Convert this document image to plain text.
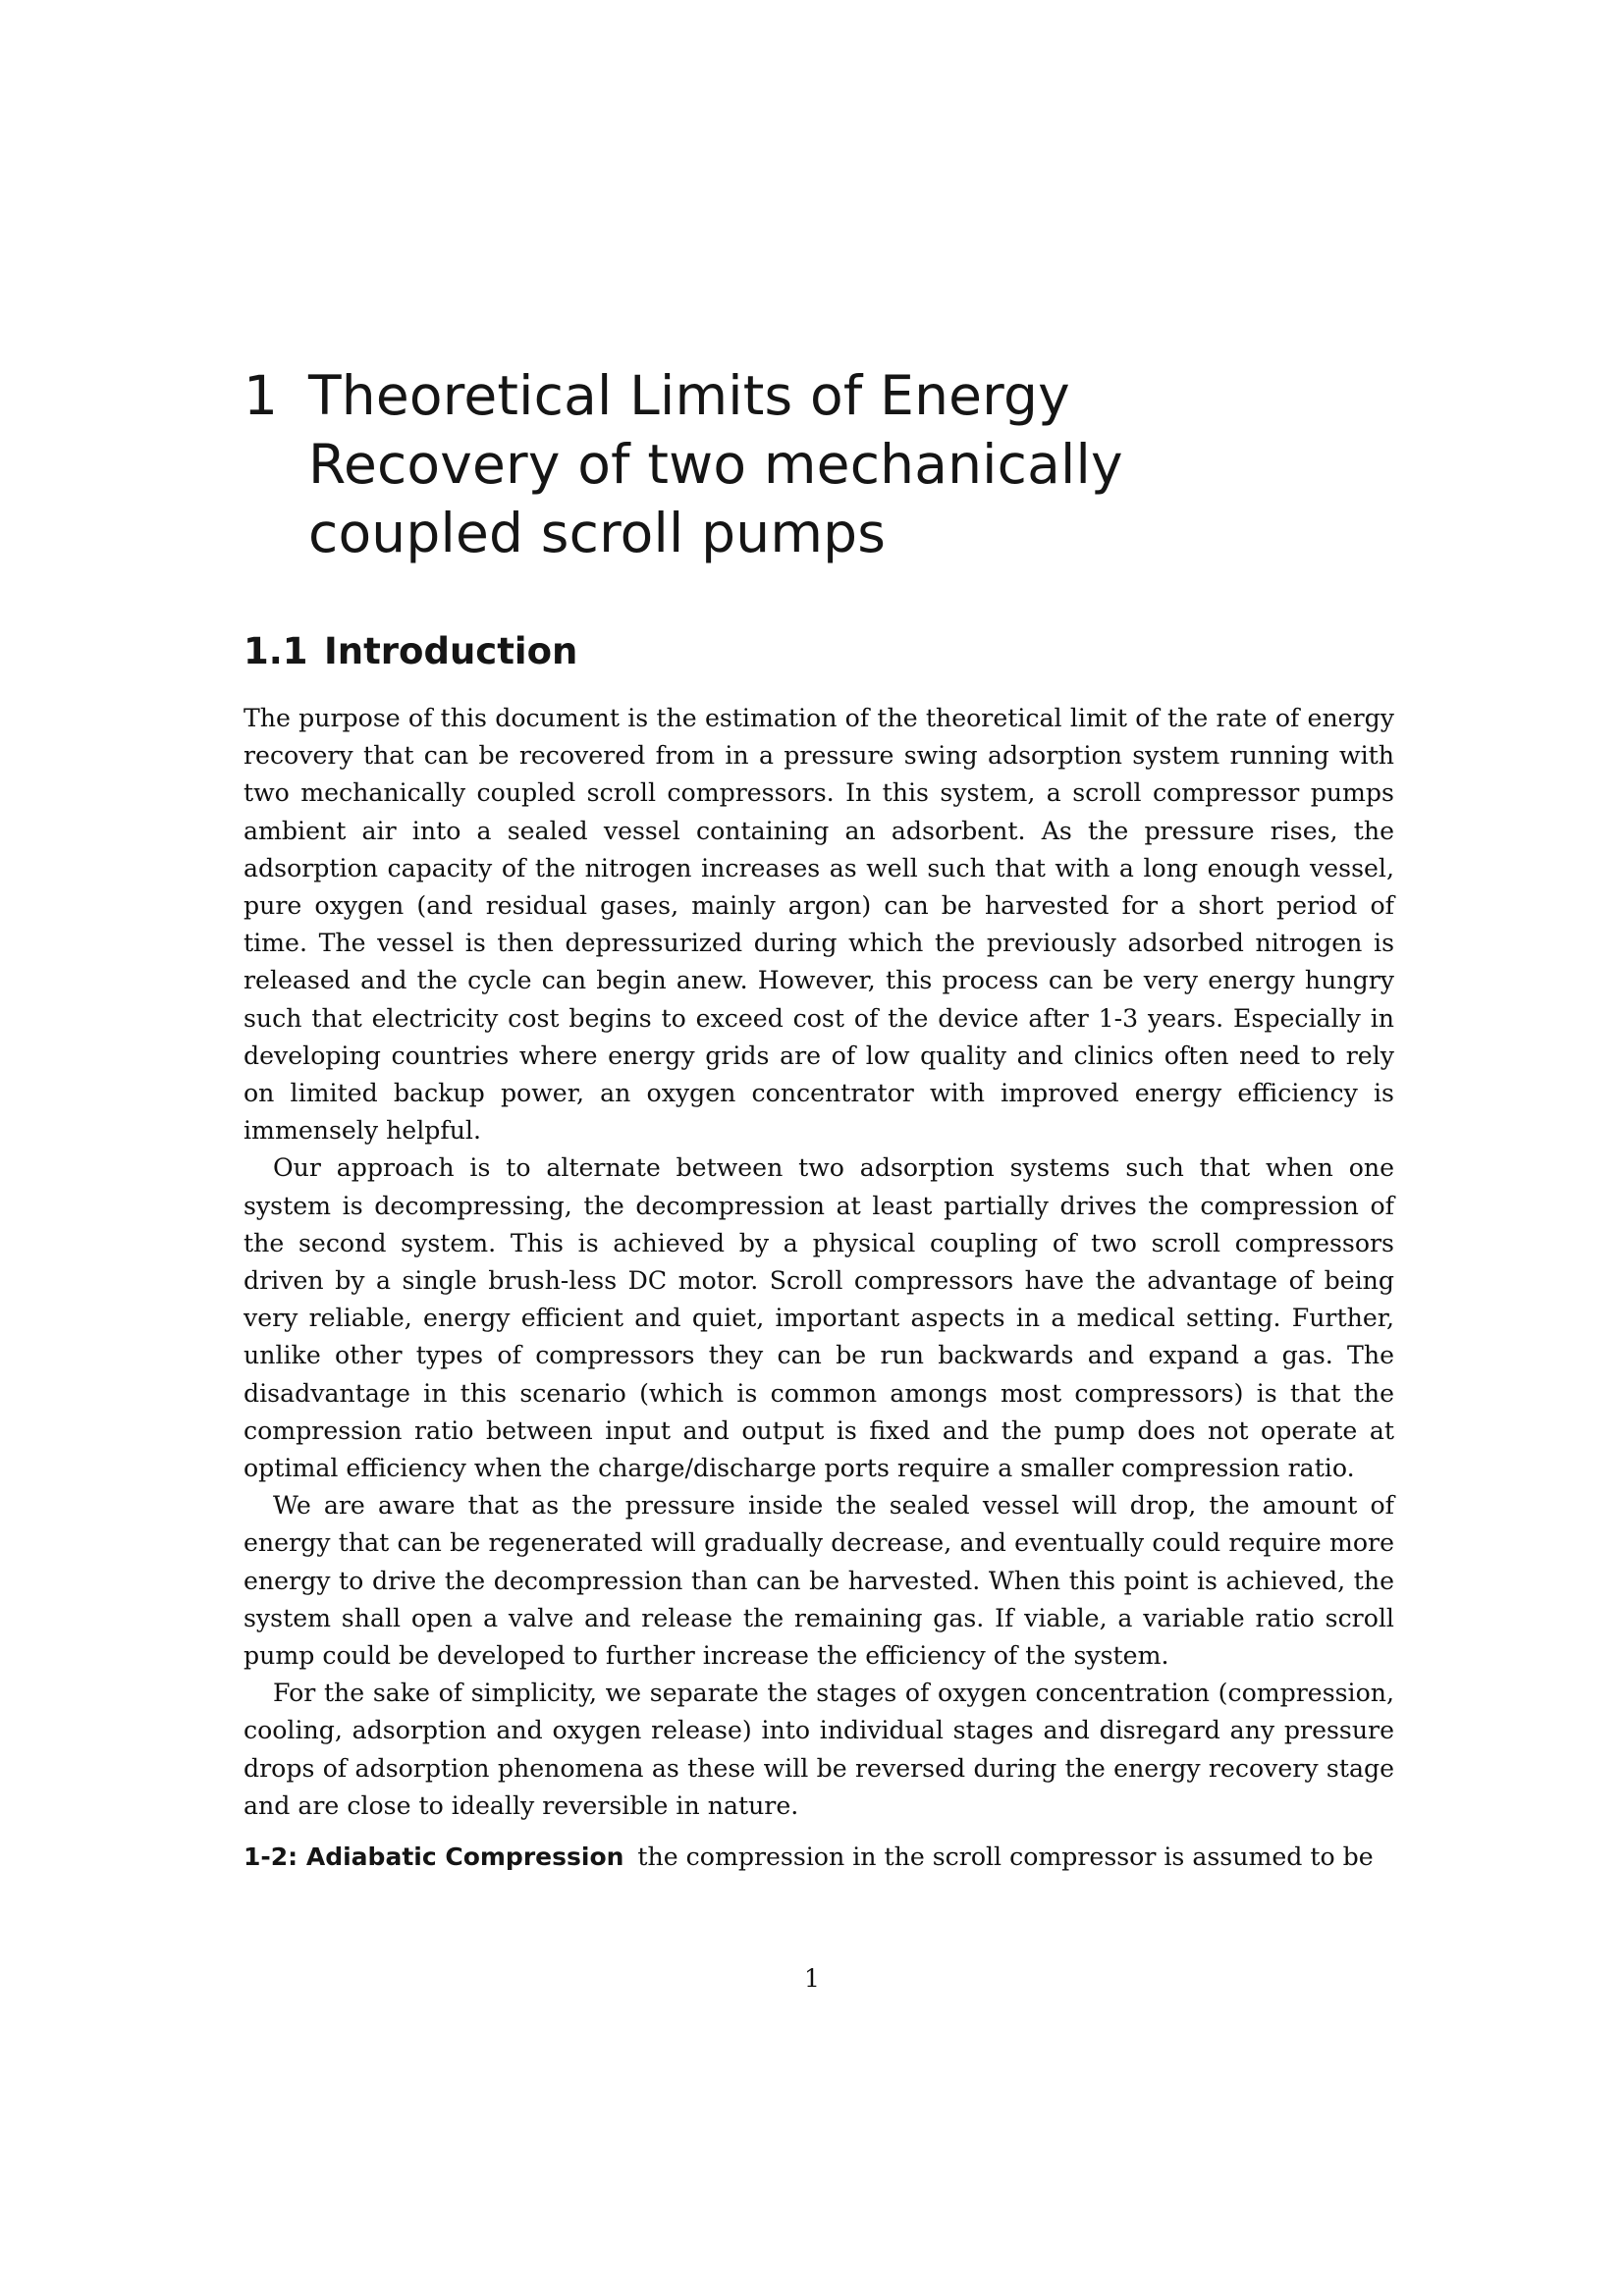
1 Theoretical Limits of Energy Recovery of two mechanically coupled scroll pumps
1.1 Introduction

The purpose of this document is the estimation of the theoretical limit of the rate of energy recovery that can be recovered from in a pressure swing adsorption system running with two mechanically coupled scroll compressors. In this system, a scroll compressor pumps ambient air into a sealed vessel containing an adsorbent. As the pressure rises, the adsorption capacity of the nitrogen increases as well such that with a long enough vessel, pure oxygen (and residual gases, mainly argon) can be harvested for a short period of time. The vessel is then depressurized during which the previously adsorbed nitrogen is released and the cycle can begin anew. However, this process can be very energy hungry such that electricity cost begins to exceed cost of the device after 1-3 years. Especially in developing countries where energy grids are of low quality and clinics often need to rely on limited backup power, an oxygen concentrator with improved energy efficiency is immensely helpful.

Our approach is to alternate between two adsorption systems such that when one system is decompressing, the decompression at least partially drives the compression of the second system. This is achieved by a physical coupling of two scroll compressors driven by a single brush-less DC motor. Scroll compressors have the advantage of being very reliable, energy efficient and quiet, important aspects in a medical setting. Further, unlike other types of compressors they can be run backwards and expand a gas. The disadvantage in this scenario (which is common amongs most compressors) is that the compression ratio between input and output is fixed and the pump does not operate at optimal efficiency when the charge/discharge ports require a smaller compression ratio.

We are aware that as the pressure inside the sealed vessel will drop, the amount of energy that can be regenerated will gradually decrease, and eventually could require more energy to drive the decompression than can be harvested. When this point is achieved, the system shall open a valve and release the remaining gas. If viable, a variable ratio scroll pump could be developed to further increase the efficiency of the system.

For the sake of simplicity, we separate the stages of oxygen concentration (compression, cooling, adsorption and oxygen release) into individual stages and disregard any pressure drops of adsorption phenomena as these will be reversed during the energy recovery stage and are close to ideally reversible in nature.

1-2: Adiabatic Compression the compression in the scroll compressor is assumed to be

1
